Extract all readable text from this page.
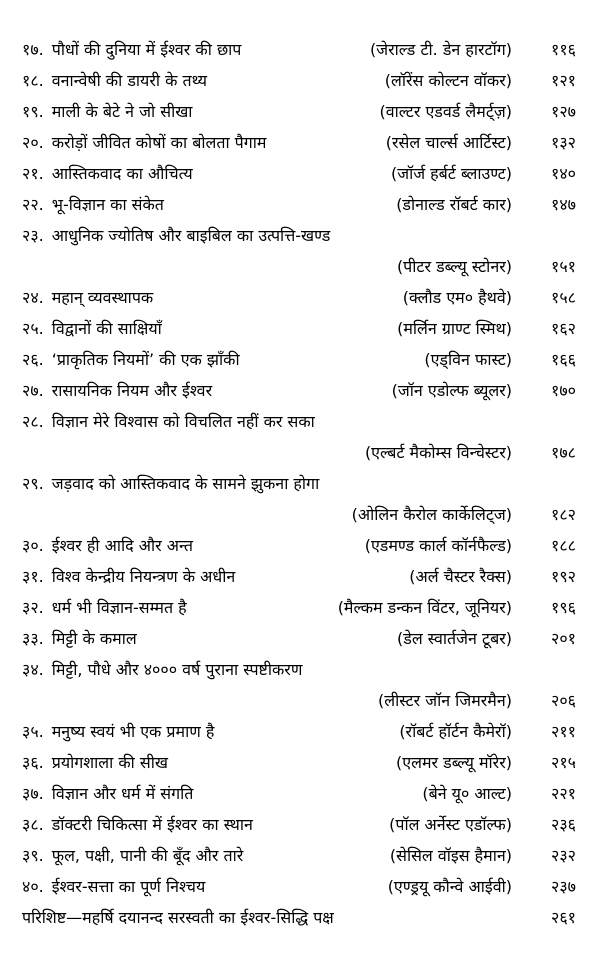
१७. पौधों की दुनिया में ईश्वर की छाप	(जेराल्ड टी. डेन हारटॉग)	११६
१८. वनान्वेषी की डायरी के तथ्य	(लॉरेंस कोल्टन वॉकर)	१२१
१९. माली के बेटे ने जो सीखा	(वाल्टर एडवर्ड लैमर्ट्ज़)	१२७
२०. करोड़ों जीवित कोषों का बोलता पैगाम	(रसेल चार्ल्स आर्टिस्ट)	१३२
२१. आस्तिकवाद का औचित्य	(जॉर्ज हर्बर्ट ब्लाउण्ट)	१४०
२२. भू-विज्ञान का संकेत	(डोनाल्ड रॉबर्ट कार)	१४७
२३. आधुनिक ज्योतिष और बाइबिल का उत्पत्ति-खण्ड
(पीटर डब्ल्यू स्टोनर)	१५१
२४. महान् व्यवस्थापक	(क्लौड एम० हैथवे)	१५८
२५. विद्वानों की साक्षियाँ	(मर्लिन ग्राण्ट स्मिथ)	१६२
२६. ‘प्राकृतिक नियमों’ की एक झाँकी	(एड्विन फास्ट)	१६६
२७. रासायनिक नियम और ईश्वर	(जॉन एडोल्फ ब्यूलर)	१७०
२८. विज्ञान मेरे विश्वास को विचलित नहीं कर सका
(एल्बर्ट मैकोम्स विन्चेस्टर)	१७८
२९. जड़वाद को आस्तिकवाद के सामने झुकना होगा
(ओलिन कैरोल कार्केलिट्ज)	१८२
३०. ईश्वर ही आदि और अन्त	(एडमण्ड कार्ल कॉर्नफैल्ड)	१८८
३१. विश्व केन्द्रीय नियन्त्रण के अधीन	(अर्ल चैस्टर रैक्स)	१९२
३२. धर्म भी विज्ञान-सम्मत है	(मैल्कम डन्कन विंटर, जूनियर)	१९६
३३. मिट्टी के कमाल	(डेल स्वार्तजेन टूबर)	२०१
३४. मिट्टी, पौधे और ४००० वर्ष पुराना स्पष्टीकरण
(लीस्टर जॉन जिमरमैन)	२०६
३५. मनुष्य स्वयं भी एक प्रमाण है	(रॉबर्ट हॉर्टन कैमेरॉ)	२११
३६. प्रयोगशाला की सीख	(एलमर डब्ल्यू मॉरेर)	२१५
३७. विज्ञान और धर्म में संगति	(बेने यू० आल्ट)	२२१
३८. डॉक्टरी चिकित्सा में ईश्वर का स्थान	(पॉल अर्नेस्ट एडॉल्फ)	२३६
३९. फूल, पक्षी, पानी की बूँद और तारे	(सेसिल वॉइस हैमान)	२३२
४०. ईश्वर-सत्ता का पूर्ण निश्चय	(एण्ड्रयू कौन्वे आईवी)	२३७
परिशिष्ट—महर्षि दयानन्द सरस्वती का ईश्वर-सिद्धि पक्ष	२६१
